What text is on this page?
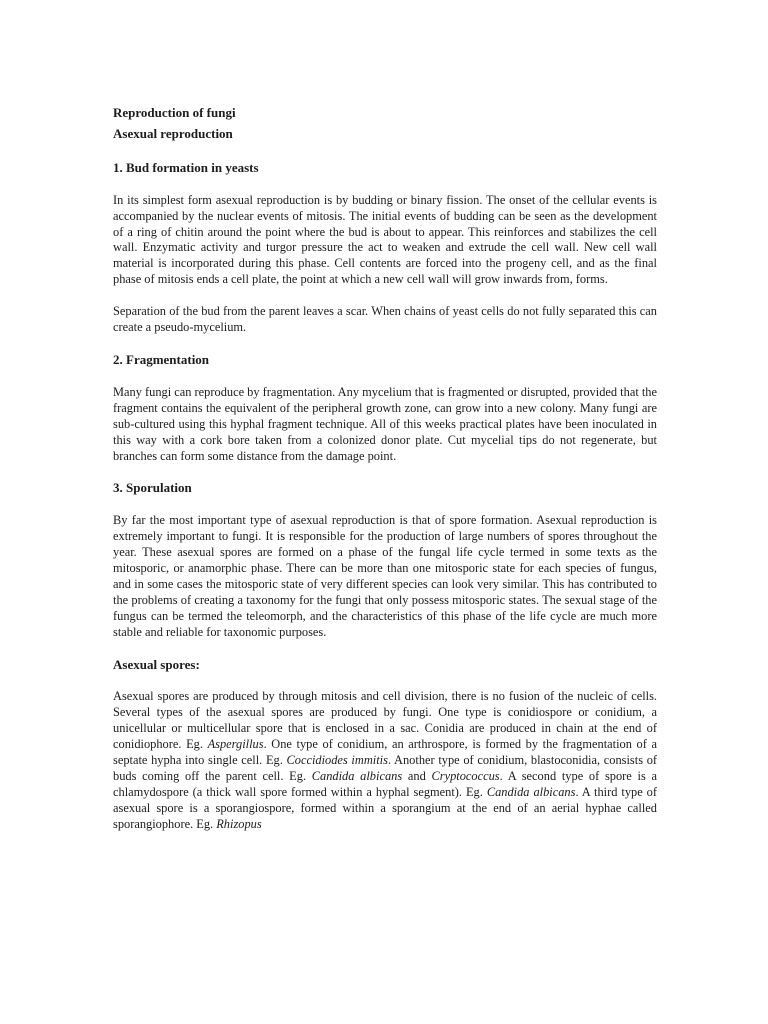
Reproduction of fungi
Asexual reproduction
1. Bud formation in yeasts

In its simplest form asexual reproduction is by budding or binary fission. The onset of the cellular events is accompanied by the nuclear events of mitosis. The initial events of budding can be seen as the development of a ring of chitin around the point where the bud is about to appear. This reinforces and stabilizes the cell wall. Enzymatic activity and turgor pressure the act to weaken and extrude the cell wall. New cell wall material is incorporated during this phase. Cell contents are forced into the progeny cell, and as the final phase of mitosis ends a cell plate, the point at which a new cell wall will grow inwards from, forms.

Separation of the bud from the parent leaves a scar. When chains of yeast cells do not fully separated this can create a pseudo-mycelium.

2. Fragmentation

Many fungi can reproduce by fragmentation. Any mycelium that is fragmented or disrupted, provided that the fragment contains the equivalent of the peripheral growth zone, can grow into a new colony. Many fungi are sub-cultured using this hyphal fragment technique. All of this weeks practical plates have been inoculated in this way with a cork bore taken from a colonized donor plate. Cut mycelial tips do not regenerate, but branches can form some distance from the damage point.

3. Sporulation

By far the most important type of asexual reproduction is that of spore formation. Asexual reproduction is extremely important to fungi. It is responsible for the production of large numbers of spores throughout the year. These asexual spores are formed on a phase of the fungal life cycle termed in some texts as the mitosporic, or anamorphic phase. There can be more than one mitosporic state for each species of fungus, and in some cases the mitosporic state of very different species can look very similar. This has contributed to the problems of creating a taxonomy for the fungi that only possess mitosporic states. The sexual stage of the fungus can be termed the teleomorph, and the characteristics of this phase of the life cycle are much more stable and reliable for taxonomic purposes.

Asexual spores:

Asexual spores are produced by through mitosis and cell division, there is no fusion of the nucleic of cells. Several types of the asexual spores are produced by fungi. One type is conidiospore or conidium, a unicellular or multicellular spore that is enclosed in a sac. Conidia are produced in chain at the end of conidiophore. Eg. Aspergillus. One type of conidium, an arthrospore, is formed by the fragmentation of a septate hypha into single cell. Eg. Coccidiodes immitis. Another type of conidium, blastoconidia, consists of buds coming off the parent cell. Eg. Candida albicans and Cryptococcus. A second type of spore is a chlamydospore (a thick wall spore formed within a hyphal segment). Eg. Candida albicans. A third type of asexual spore is a sporangiospore, formed within a sporangium at the end of an aerial hyphae called sporangiophore. Eg. Rhizopus
